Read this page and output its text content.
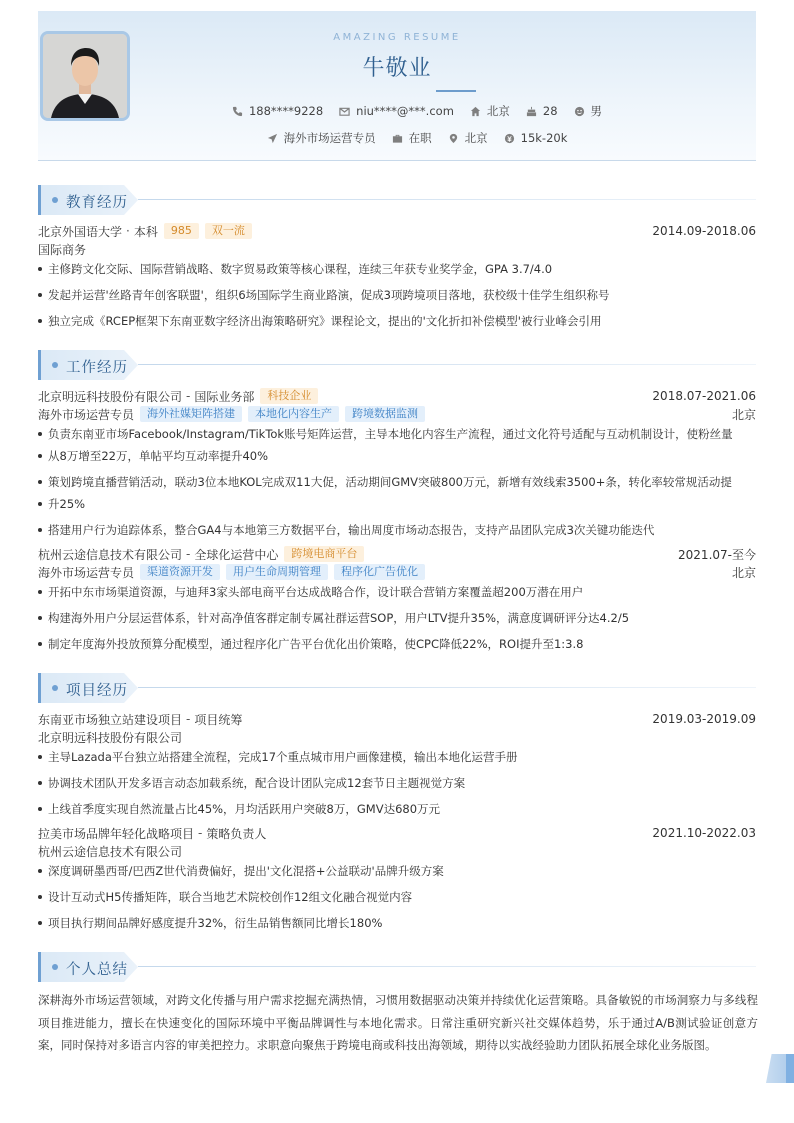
AMAZING RESUME
牛敬业
188****9228	niu****@***.com	北京	28	男
海外市场运营专员	在职	北京	15k-20k
教育经历
北京外国语大学 · 本科	985	双一流	2014.09-2018.06
国际商务
主修跨文化交际、国际营销战略、数字贸易政策等核心课程，连续三年获专业奖学金，GPA 3.7/4.0
发起并运营'丝路青年创客联盟'，组织6场国际学生商业路演，促成3项跨境项目落地，获校级十佳学生组织称号
独立完成《RCEP框架下东南亚数字经济出海策略研究》课程论文，提出的'文化折扣补偿模型'被行业峰会引用
工作经历
北京明远科技股份有限公司 - 国际业务部	科技企业	2018.07-2021.06
海外市场运营专员	海外社媒矩阵搭建	本地化内容生产	跨境数据监测	北京
负责东南亚市场Facebook/Instagram/TikTok账号矩阵运营，主导本地化内容生产流程，通过文化符号适配与互动机制设计，使粉丝量
从8万增至22万，单帖平均互动率提升40%
策划跨境直播营销活动，联动3位本地KOL完成双11大促，活动期间GMV突破800万元，新增有效线索3500+条，转化率较常规活动提
升25%
搭建用户行为追踪体系，整合GA4与本地第三方数据平台，输出周度市场动态报告，支持产品团队完成3次关键功能迭代
杭州云途信息技术有限公司 - 全球化运营中心	跨境电商平台	2021.07-至今
海外市场运营专员	渠道资源开发	用户生命周期管理	程序化广告优化	北京
开拓中东市场渠道资源，与迪拜3家头部电商平台达成战略合作，设计联合营销方案覆盖超200万潜在用户
构建海外用户分层运营体系，针对高净值客群定制专属社群运营SOP，用户LTV提升35%，满意度调研评分达4.2/5
制定年度海外投放预算分配模型，通过程序化广告平台优化出价策略，使CPC降低22%，ROI提升至1:3.8
项目经历
东南亚市场独立站建设项目 - 项目统筹	2019.03-2019.09
北京明远科技股份有限公司
主导Lazada平台独立站搭建全流程，完成17个重点城市用户画像建模，输出本地化运营手册
协调技术团队开发多语言动态加载系统，配合设计团队完成12套节日主题视觉方案
上线首季度实现自然流量占比45%，月均活跃用户突破8万，GMV达680万元
拉美市场品牌年轻化战略项目 - 策略负责人	2021.10-2022.03
杭州云途信息技术有限公司
深度调研墨西哥/巴西Z世代消费偏好，提出'文化混搭+公益联动'品牌升级方案
设计互动式H5传播矩阵，联合当地艺术院校创作12组文化融合视觉内容
项目执行期间品牌好感度提升32%，衍生品销售额同比增长180%
个人总结
深耕海外市场运营领域，对跨文化传播与用户需求挖掘充满热情，习惯用数据驱动决策并持续优化运营策略。具备敏锐的市场洞察力与多线程项目推进能力，擅长在快速变化的国际环境中平衡品牌调性与本地化需求。日常注重研究新兴社交媒体趋势，乐于通过A/B测试验证创意方案，同时保持对多语言内容的审美把控力。求职意向聚焦于跨境电商或科技出海领域，期待以实战经验助力团队拓展全球化业务版图。
